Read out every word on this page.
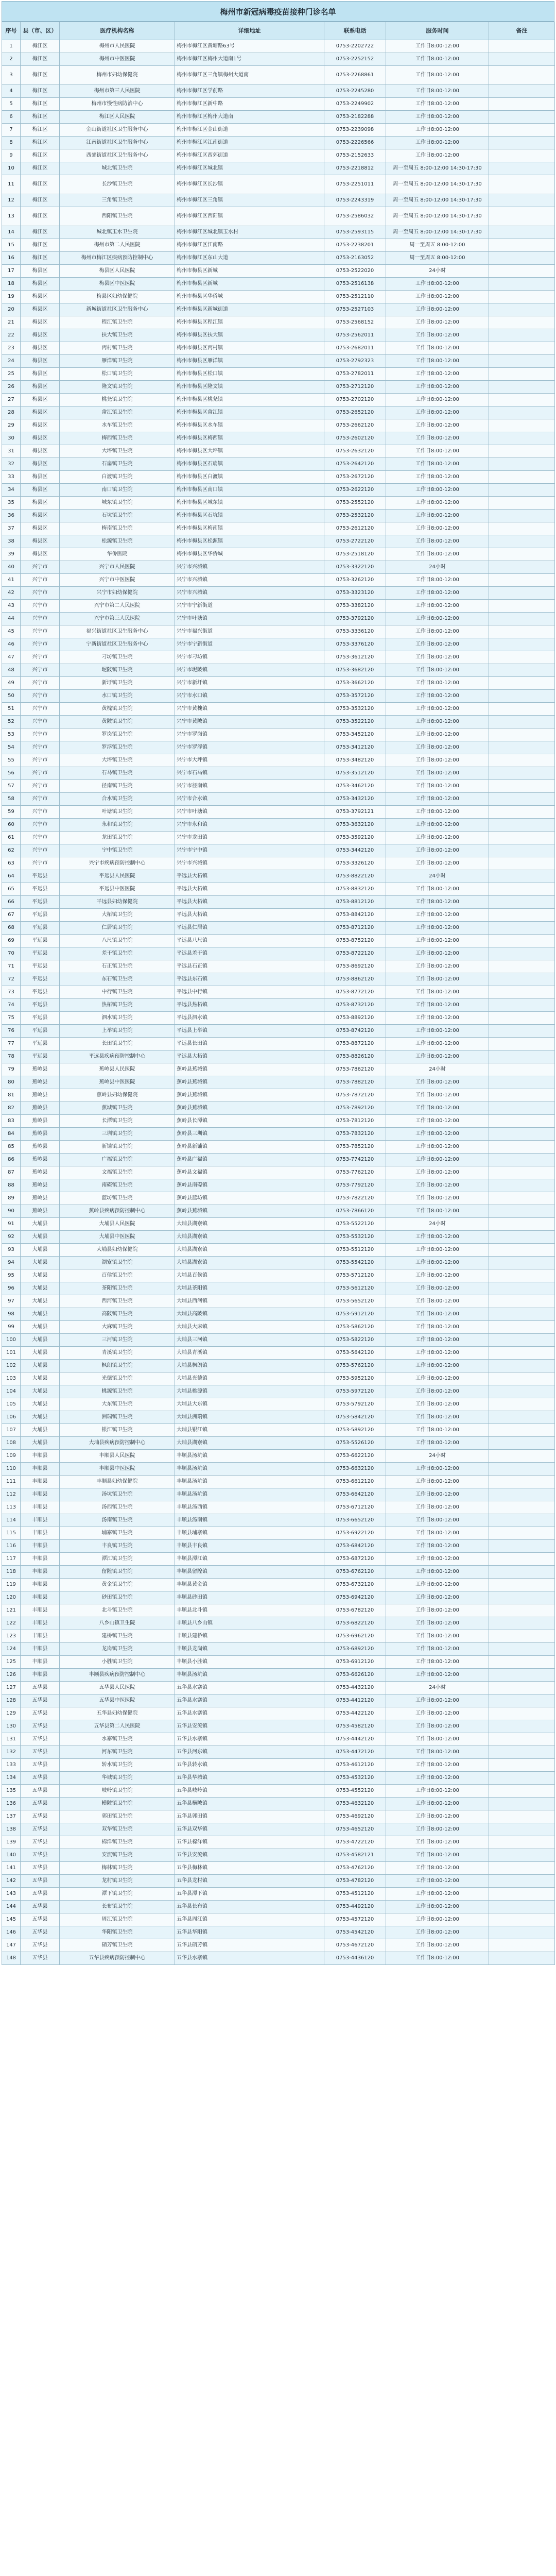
梅州市新冠病毒疫苗接种门诊名单
序号	县（市、区）	医疗机构名称	详细地址	联系电话	服务时间	备注
1	梅江区	梅州市人民医院	梅州市梅江区黄塘路63号	0753-2202722	工作日8:00-12:00	
2	梅江区	梅州市中医医院	梅州市梅江区梅州大道南1号	0753-2252152	工作日8:00-12:00	
3	梅江区	梅州市妇幼保健院	梅州市梅江区三角镇梅州大道南	0753-2268861	工作日8:00-12:00	
4	梅江区	梅州市第三人民医院	梅州市梅江区学前路	0753-2245280	工作日8:00-12:00	
5	梅江区	梅州市慢性病防治中心	梅州市梅江区新中路	0753-2249902	工作日8:00-12:00	
6	梅江区	梅江区人民医院	梅州市梅江区梅州大道南	0753-2182288	工作日8:00-12:00	
7	梅江区	金山街道社区卫生服务中心	梅州市梅江区金山街道	0753-2239098	工作日8:00-12:00	
8	梅江区	江南街道社区卫生服务中心	梅州市梅江区江南街道	0753-2226566	工作日8:00-12:00	
9	梅江区	西郊街道社区卫生服务中心	梅州市梅江区西郊街道	0753-2152633	工作日8:00-12:00	
10	梅江区	城北镇卫生院	梅州市梅江区城北镇	0753-2218812	周一至周五 8:00-12:00 14:30-17:30	
11	梅江区	长沙镇卫生院	梅州市梅江区长沙镇	0753-2251011	周一至周五 8:00-12:00 14:30-17:30	
12	梅江区	三角镇卫生院	梅州市梅江区三角镇	0753-2243319	周一至周五 8:00-12:00 14:30-17:30	
13	梅江区	西阳镇卫生院	梅州市梅江区西阳镇	0753-2586032	周一至周五 8:00-12:00 14:30-17:30	
14	梅江区	城北镇玉水卫生院	梅州市梅江区城北镇玉水村	0753-2593115	周一至周五 8:00-12:00 14:30-17:30	
15	梅江区	梅州市第二人民医院	梅州市梅江区江南路	0753-2238201	周一至周五 8:00-12:00	
16	梅江区	梅州市梅江区疾病预防控制中心	梅州市梅江区东山大道	0753-2163052	周一至周五 8:00-12:00	
17	梅县区	梅县区人民医院	梅州市梅县区新城	0753-2522020	24小时	
18	梅县区	梅县区中医医院	梅州市梅县区新城	0753-2516138	工作日8:00-12:00	
19	梅县区	梅县区妇幼保健院	梅州市梅县区华侨城	0753-2512110	工作日8:00-12:00	
20	梅县区	新城街道社区卫生服务中心	梅州市梅县区新城街道	0753-2527103	工作日8:00-12:00	
21	梅县区	程江镇卫生院	梅州市梅县区程江镇	0753-2568152	工作日8:00-12:00	
22	梅县区	扶大镇卫生院	梅州市梅县区扶大镇	0753-2562011	工作日8:00-12:00	
23	梅县区	丙村镇卫生院	梅州市梅县区丙村镇	0753-2682011	工作日8:00-12:00	
24	梅县区	雁洋镇卫生院	梅州市梅县区雁洋镇	0753-2792323	工作日8:00-12:00	
25	梅县区	松口镇卫生院	梅州市梅县区松口镇	0753-2782011	工作日8:00-12:00	
26	梅县区	隆文镇卫生院	梅州市梅县区隆文镇	0753-2712120	工作日8:00-12:00	
27	梅县区	桃尧镇卫生院	梅州市梅县区桃尧镇	0753-2702120	工作日8:00-12:00	
28	梅县区	畲江镇卫生院	梅州市梅县区畲江镇	0753-2652120	工作日8:00-12:00	
29	梅县区	水车镇卫生院	梅州市梅县区水车镇	0753-2662120	工作日8:00-12:00	
30	梅县区	梅西镇卫生院	梅州市梅县区梅西镇	0753-2602120	工作日8:00-12:00	
31	梅县区	大坪镇卫生院	梅州市梅县区大坪镇	0753-2632120	工作日8:00-12:00	
32	梅县区	石扇镇卫生院	梅州市梅县区石扇镇	0753-2642120	工作日8:00-12:00	
33	梅县区	白渡镇卫生院	梅州市梅县区白渡镇	0753-2672120	工作日8:00-12:00	
34	梅县区	南口镇卫生院	梅州市梅县区南口镇	0753-2622120	工作日8:00-12:00	
35	梅县区	城东镇卫生院	梅州市梅县区城东镇	0753-2552120	工作日8:00-12:00	
36	梅县区	石坑镇卫生院	梅州市梅县区石坑镇	0753-2532120	工作日8:00-12:00	
37	梅县区	梅南镇卫生院	梅州市梅县区梅南镇	0753-2612120	工作日8:00-12:00	
38	梅县区	松源镇卫生院	梅州市梅县区松源镇	0753-2722120	工作日8:00-12:00	
39	梅县区	华侨医院	梅州市梅县区华侨城	0753-2518120	工作日8:00-12:00	
40	兴宁市	兴宁市人民医院	兴宁市兴城镇	0753-3322120	24小时	
41	兴宁市	兴宁市中医医院	兴宁市兴城镇	0753-3262120	工作日8:00-12:00	
42	兴宁市	兴宁市妇幼保健院	兴宁市兴城镇	0753-3323120	工作日8:00-12:00	
43	兴宁市	兴宁市第二人民医院	兴宁市宁新街道	0753-3382120	工作日8:00-12:00	
44	兴宁市	兴宁市第三人民医院	兴宁市叶塘镇	0753-3792120	工作日8:00-12:00	
45	兴宁市	福兴街道社区卫生服务中心	兴宁市福兴街道	0753-3336120	工作日8:00-12:00	
46	兴宁市	宁新街道社区卫生服务中心	兴宁市宁新街道	0753-3376120	工作日8:00-12:00	
47	兴宁市	刁坊镇卫生院	兴宁市刁坊镇	0753-3612120	工作日8:00-12:00	
48	兴宁市	坭陂镇卫生院	兴宁市坭陂镇	0753-3682120	工作日8:00-12:00	
49	兴宁市	新圩镇卫生院	兴宁市新圩镇	0753-3662120	工作日8:00-12:00	
50	兴宁市	水口镇卫生院	兴宁市水口镇	0753-3572120	工作日8:00-12:00	
51	兴宁市	黄槐镇卫生院	兴宁市黄槐镇	0753-3532120	工作日8:00-12:00	
52	兴宁市	黄陂镇卫生院	兴宁市黄陂镇	0753-3522120	工作日8:00-12:00	
53	兴宁市	罗岗镇卫生院	兴宁市罗岗镇	0753-3452120	工作日8:00-12:00	
54	兴宁市	罗浮镇卫生院	兴宁市罗浮镇	0753-3412120	工作日8:00-12:00	
55	兴宁市	大坪镇卫生院	兴宁市大坪镇	0753-3482120	工作日8:00-12:00	
56	兴宁市	石马镇卫生院	兴宁市石马镇	0753-3512120	工作日8:00-12:00	
57	兴宁市	径南镇卫生院	兴宁市径南镇	0753-3462120	工作日8:00-12:00	
58	兴宁市	合水镇卫生院	兴宁市合水镇	0753-3432120	工作日8:00-12:00	
59	兴宁市	叶塘镇卫生院	兴宁市叶塘镇	0753-3792121	工作日8:00-12:00	
60	兴宁市	永和镇卫生院	兴宁市永和镇	0753-3632120	工作日8:00-12:00	
61	兴宁市	龙田镇卫生院	兴宁市龙田镇	0753-3592120	工作日8:00-12:00	
62	兴宁市	宁中镇卫生院	兴宁市宁中镇	0753-3442120	工作日8:00-12:00	
63	兴宁市	兴宁市疾病预防控制中心	兴宁市兴城镇	0753-3326120	工作日8:00-12:00	
64	平远县	平远县人民医院	平远县大柘镇	0753-8822120	24小时	
65	平远县	平远县中医医院	平远县大柘镇	0753-8832120	工作日8:00-12:00	
66	平远县	平远县妇幼保健院	平远县大柘镇	0753-8812120	工作日8:00-12:00	
67	平远县	大柘镇卫生院	平远县大柘镇	0753-8842120	工作日8:00-12:00	
68	平远县	仁居镇卫生院	平远县仁居镇	0753-8712120	工作日8:00-12:00	
69	平远县	八尺镇卫生院	平远县八尺镇	0753-8752120	工作日8:00-12:00	
70	平远县	差干镇卫生院	平远县差干镇	0753-8722120	工作日8:00-12:00	
71	平远县	石正镇卫生院	平远县石正镇	0753-8692120	工作日8:00-12:00	
72	平远县	东石镇卫生院	平远县东石镇	0753-8862120	工作日8:00-12:00	
73	平远县	中行镇卫生院	平远县中行镇	0753-8772120	工作日8:00-12:00	
74	平远县	热柘镇卫生院	平远县热柘镇	0753-8732120	工作日8:00-12:00	
75	平远县	泗水镇卫生院	平远县泗水镇	0753-8892120	工作日8:00-12:00	
76	平远县	上举镇卫生院	平远县上举镇	0753-8742120	工作日8:00-12:00	
77	平远县	长田镇卫生院	平远县长田镇	0753-8872120	工作日8:00-12:00	
78	平远县	平远县疾病预防控制中心	平远县大柘镇	0753-8826120	工作日8:00-12:00	
79	蕉岭县	蕉岭县人民医院	蕉岭县蕉城镇	0753-7862120	24小时	
80	蕉岭县	蕉岭县中医医院	蕉岭县蕉城镇	0753-7882120	工作日8:00-12:00	
81	蕉岭县	蕉岭县妇幼保健院	蕉岭县蕉城镇	0753-7872120	工作日8:00-12:00	
82	蕉岭县	蕉城镇卫生院	蕉岭县蕉城镇	0753-7892120	工作日8:00-12:00	
83	蕉岭县	长潭镇卫生院	蕉岭县长潭镇	0753-7812120	工作日8:00-12:00	
84	蕉岭县	三圳镇卫生院	蕉岭县三圳镇	0753-7832120	工作日8:00-12:00	
85	蕉岭县	新铺镇卫生院	蕉岭县新铺镇	0753-7852120	工作日8:00-12:00	
86	蕉岭县	广福镇卫生院	蕉岭县广福镇	0753-7742120	工作日8:00-12:00	
87	蕉岭县	文福镇卫生院	蕉岭县文福镇	0753-7762120	工作日8:00-12:00	
88	蕉岭县	南磜镇卫生院	蕉岭县南磜镇	0753-7792120	工作日8:00-12:00	
89	蕉岭县	蓝坊镇卫生院	蕉岭县蓝坊镇	0753-7822120	工作日8:00-12:00	
90	蕉岭县	蕉岭县疾病预防控制中心	蕉岭县蕉城镇	0753-7866120	工作日8:00-12:00	
91	大埔县	大埔县人民医院	大埔县湖寮镇	0753-5522120	24小时	
92	大埔县	大埔县中医医院	大埔县湖寮镇	0753-5532120	工作日8:00-12:00	
93	大埔县	大埔县妇幼保健院	大埔县湖寮镇	0753-5512120	工作日8:00-12:00	
94	大埔县	湖寮镇卫生院	大埔县湖寮镇	0753-5542120	工作日8:00-12:00	
95	大埔县	百侯镇卫生院	大埔县百侯镇	0753-5712120	工作日8:00-12:00	
96	大埔县	茶阳镇卫生院	大埔县茶阳镇	0753-5612120	工作日8:00-12:00	
97	大埔县	西河镇卫生院	大埔县西河镇	0753-5652120	工作日8:00-12:00	
98	大埔县	高陂镇卫生院	大埔县高陂镇	0753-5912120	工作日8:00-12:00	
99	大埔县	大麻镇卫生院	大埔县大麻镇	0753-5862120	工作日8:00-12:00	
100	大埔县	三河镇卫生院	大埔县三河镇	0753-5822120	工作日8:00-12:00	
101	大埔县	青溪镇卫生院	大埔县青溪镇	0753-5642120	工作日8:00-12:00	
102	大埔县	枫朗镇卫生院	大埔县枫朗镇	0753-5762120	工作日8:00-12:00	
103	大埔县	光德镇卫生院	大埔县光德镇	0753-5952120	工作日8:00-12:00	
104	大埔县	桃源镇卫生院	大埔县桃源镇	0753-5972120	工作日8:00-12:00	
105	大埔县	大东镇卫生院	大埔县大东镇	0753-5792120	工作日8:00-12:00	
106	大埔县	洲瑞镇卫生院	大埔县洲瑞镇	0753-5842120	工作日8:00-12:00	
107	大埔县	银江镇卫生院	大埔县银江镇	0753-5892120	工作日8:00-12:00	
108	大埔县	大埔县疾病预防控制中心	大埔县湖寮镇	0753-5526120	工作日8:00-12:00	
109	丰顺县	丰顺县人民医院	丰顺县汤坑镇	0753-6622120	24小时	
110	丰顺县	丰顺县中医医院	丰顺县汤坑镇	0753-6632120	工作日8:00-12:00	
111	丰顺县	丰顺县妇幼保健院	丰顺县汤坑镇	0753-6612120	工作日8:00-12:00	
112	丰顺县	汤坑镇卫生院	丰顺县汤坑镇	0753-6642120	工作日8:00-12:00	
113	丰顺县	汤西镇卫生院	丰顺县汤西镇	0753-6712120	工作日8:00-12:00	
114	丰顺县	汤南镇卫生院	丰顺县汤南镇	0753-6652120	工作日8:00-12:00	
115	丰顺县	埔寨镇卫生院	丰顺县埔寨镇	0753-6922120	工作日8:00-12:00	
116	丰顺县	丰良镇卫生院	丰顺县丰良镇	0753-6842120	工作日8:00-12:00	
117	丰顺县	潭江镇卫生院	丰顺县潭江镇	0753-6872120	工作日8:00-12:00	
118	丰顺县	留隍镇卫生院	丰顺县留隍镇	0753-6762120	工作日8:00-12:00	
119	丰顺县	黄金镇卫生院	丰顺县黄金镇	0753-6732120	工作日8:00-12:00	
120	丰顺县	砂田镇卫生院	丰顺县砂田镇	0753-6942120	工作日8:00-12:00	
121	丰顺县	北斗镇卫生院	丰顺县北斗镇	0753-6782120	工作日8:00-12:00	
122	丰顺县	八乡山镇卫生院	丰顺县八乡山镇	0753-6822120	工作日8:00-12:00	
123	丰顺县	建桥镇卫生院	丰顺县建桥镇	0753-6962120	工作日8:00-12:00	
124	丰顺县	龙岗镇卫生院	丰顺县龙岗镇	0753-6892120	工作日8:00-12:00	
125	丰顺县	小胜镇卫生院	丰顺县小胜镇	0753-6912120	工作日8:00-12:00	
126	丰顺县	丰顺县疾病预防控制中心	丰顺县汤坑镇	0753-6626120	工作日8:00-12:00	
127	五华县	五华县人民医院	五华县水寨镇	0753-4432120	24小时	
128	五华县	五华县中医医院	五华县水寨镇	0753-4412120	工作日8:00-12:00	
129	五华县	五华县妇幼保健院	五华县水寨镇	0753-4422120	工作日8:00-12:00	
130	五华县	五华县第二人民医院	五华县安流镇	0753-4582120	工作日8:00-12:00	
131	五华县	水寨镇卫生院	五华县水寨镇	0753-4442120	工作日8:00-12:00	
132	五华县	河东镇卫生院	五华县河东镇	0753-4472120	工作日8:00-12:00	
133	五华县	转水镇卫生院	五华县转水镇	0753-4612120	工作日8:00-12:00	
134	五华县	华城镇卫生院	五华县华城镇	0753-4532120	工作日8:00-12:00	
135	五华县	岐岭镇卫生院	五华县岐岭镇	0753-4552120	工作日8:00-12:00	
136	五华县	横陂镇卫生院	五华县横陂镇	0753-4632120	工作日8:00-12:00	
137	五华县	郭田镇卫生院	五华县郭田镇	0753-4692120	工作日8:00-12:00	
138	五华县	双华镇卫生院	五华县双华镇	0753-4652120	工作日8:00-12:00	
139	五华县	棉洋镇卫生院	五华县棉洋镇	0753-4722120	工作日8:00-12:00	
140	五华县	安流镇卫生院	五华县安流镇	0753-4582121	工作日8:00-12:00	
141	五华县	梅林镇卫生院	五华县梅林镇	0753-4762120	工作日8:00-12:00	
142	五华县	龙村镇卫生院	五华县龙村镇	0753-4782120	工作日8:00-12:00	
143	五华县	潭下镇卫生院	五华县潭下镇	0753-4512120	工作日8:00-12:00	
144	五华县	长布镇卫生院	五华县长布镇	0753-4492120	工作日8:00-12:00	
145	五华县	周江镇卫生院	五华县周江镇	0753-4572120	工作日8:00-12:00	
146	五华县	华阳镇卫生院	五华县华阳镇	0753-4542120	工作日8:00-12:00	
147	五华县	硝芳镇卫生院	五华县硝芳镇	0753-4672120	工作日8:00-12:00	
148	五华县	五华县疾病预防控制中心	五华县水寨镇	0753-4436120	工作日8:00-12:00	
